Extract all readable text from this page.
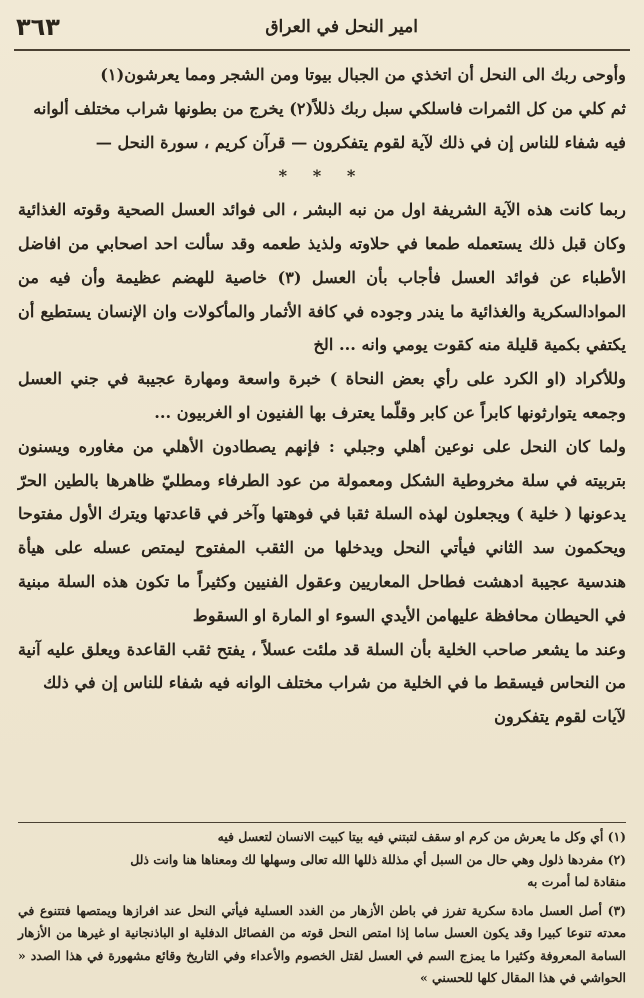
٣٦٣	امير النحل في العراق

وأوحى ربك الى النحل أن اتخذي من الجبال بيوتا ومن الشجر ومما يعرشون(١)

ثم كلي من كل الثمرات فاسلكي سبل ربك ذللاً(٢) يخرج من بطونها شراب مختلف ألوانه

فيه شفاء للناس إن في ذلك لآية لقوم يتفكرون — قرآن كريم ، سورة النحل —

* * *

ربما كانت هذه الآية الشريفة اول من نبه البشر ، الى فوائد العسل الصحية وقوته الغذائية وكان قبل ذلك يستعمله طمعا في حلاوته ولذيذ طعمه وقد سألت احد اصحابي من افاضل الأطباء عن فوائد العسل فأجاب بأن العسل (٣) خاصية للهضم عظيمة وأن فيه من الموادالسكرية والغذائية ما يندر وجوده في كافة الأثمار والمأكولات وان الإنسان يستطيع أن يكتفي بكمية قليلة منه كقوت يومي وانه ... الخ

وللأكراد (او الكرد على رأي بعض النحاة ) خبرة واسعة ومهارة عجيبة في جني العسل وجمعه يتوارثونها كابراً عن كابر وقلّما يعترف بها الفنيون او الغربيون ...

ولما كان النحل على نوعين أهلي وجبلي : فإنهم يصطادون الأهلي من مغاوره ويسنون بتربيته في سلة مخروطية الشكل ومعمولة من عود الطرفاء ومطليّ ظاهرها بالطين الحرّ يدعونها ( خلية ) ويجعلون لهذه السلة ثقبا في فوهتها وآخر في قاعدتها ويترك الأول مفتوحا ويحكمون سد الثاني فيأتي النحل ويدخلها من الثقب المفتوح ليمتص عسله على هيأة هندسية عجيبة ادهشت فطاحل المعاريين وعقول الفنيين وكثيراً ما تكون هذه السلة مبنية في الحيطان محافظة عليهامن الأيدي السوء او المارة او السقوط

وعند ما يشعر صاحب الخلية بأن السلة قد ملئت عسلاً ، يفتح ثقب القاعدة ويعلق عليه آنية من النحاس فيسقط ما في الخلية من شراب مختلف الوانه فيه شفاء للناس إن في ذلك

لآيات لقوم يتفكرون

(١) أي وكل ما يعرش من كرم او سقف لتبتني فيه بيتا كبيت الانسان لتعسل فيه

(٢) مفردها ذلول وهي حال من السبل أي مذللة ذللها الله تعالى وسهلها لك ومعناها هنا وانت ذلل

منقادة لما أمرت به

(٣) أصل العسل مادة سكرية تفرز في باطن الأزهار من الغدد العسلية فيأتي النحل عند افرازها ويمتصها فتتنوع في معدته تنوعا كبيرا وقد يكون العسل ساما إذا امتص النحل قوته من الفصائل الدفلية او الباذنجانية او غيرها من الأزهار السامة المعروفة وكثيرا ما يمزج السم في العسل لقتل الخصوم والأعداء وفي التاريخ وقائع مشهورة في هذا الصدد « الحواشي في هذا المقال كلها للحسني »
